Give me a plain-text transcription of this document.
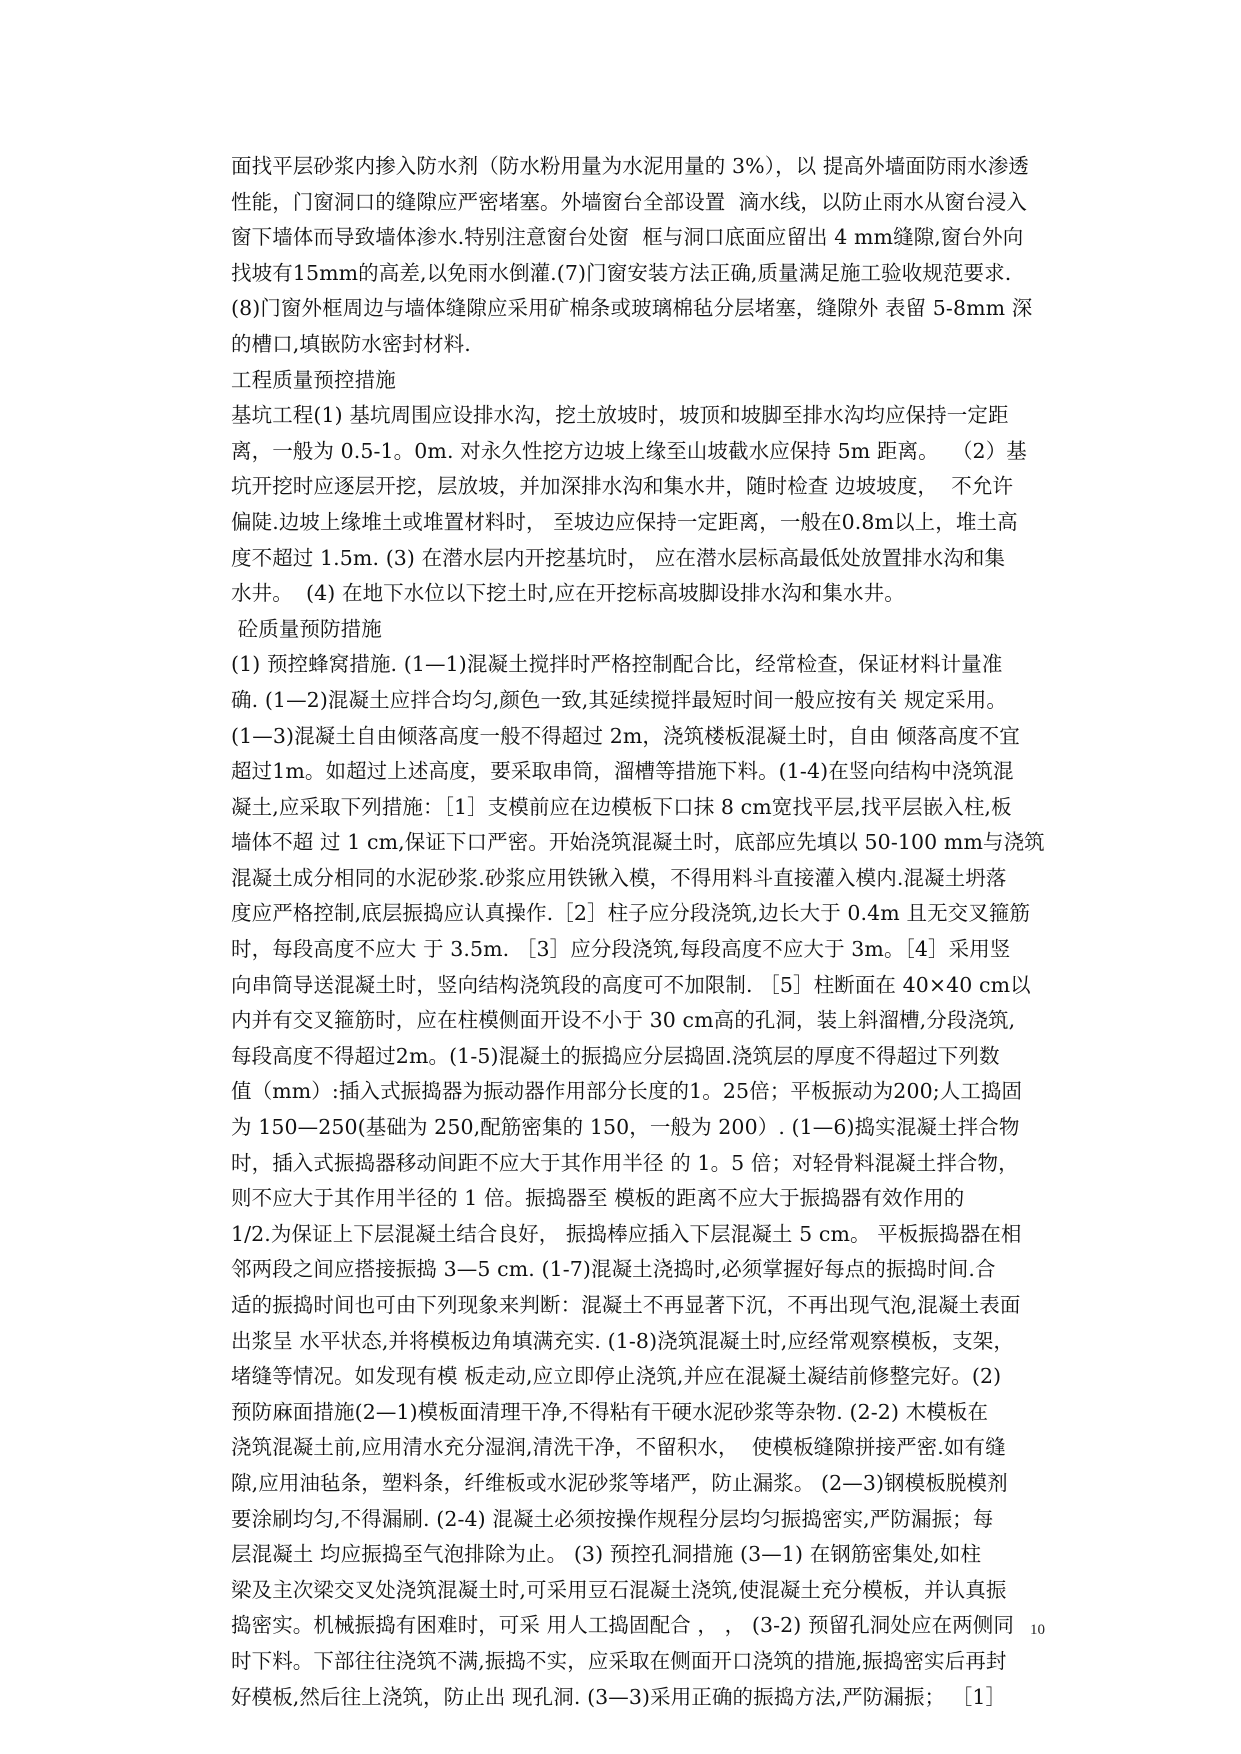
面找平层砂浆内掺入防水剂（防水粉用量为水泥用量的 3%），以 提高外墙面防雨水渗透
性能，门窗洞口的缝隙应严密堵塞。外墙窗台全部设置  滴水线，以防止雨水从窗台浸入
窗下墙体而导致墙体渗水.特别注意窗台处窗  框与洞口底面应留出 4 mm缝隙,窗台外向
找坡有15mm的高差,以免雨水倒灌.(7)门窗安装方法正确,质量满足施工验收规范要求.
(8)门窗外框周边与墙体缝隙应采用矿棉条或玻璃棉毡分层堵塞，缝隙外 表留 5-8mm 深
的槽口,填嵌防水密封材料.
工程质量预控措施
基坑工程(1) 基坑周围应设排水沟，挖土放坡时，坡顶和坡脚至排水沟均应保持一定距
离，一般为 0.5-1。0m. 对永久性挖方边坡上缘至山坡截水应保持 5m 距离。  （2）基
坑开挖时应逐层开挖，层放坡，并加深排水沟和集水井，随时检查 边坡坡度，  不允许
偏陡.边坡上缘堆土或堆置材料时， 至坡边应保持一定距离，一般在0.8m以上，堆土高
度不超过 1.5m. (3) 在潜水层内开挖基坑时， 应在潜水层标高最低处放置排水沟和集
水井。  (4) 在地下水位以下挖土时,应在开挖标高坡脚设排水沟和集水井。
砼质量预防措施
(1) 预控蜂窝措施. (1—1)混凝土搅拌时严格控制配合比，经常检查，保证材料计量准
确. (1—2)混凝土应拌合均匀,颜色一致,其延续搅拌最短时间一般应按有关 规定采用。
(1—3)混凝土自由倾落高度一般不得超过 2m，浇筑楼板混凝土时，自由 倾落高度不宜
超过1m。如超过上述高度，要采取串筒，溜槽等措施下料。(1-4)在竖向结构中浇筑混
凝土,应采取下列措施：［1］支模前应在边模板下口抹 8 cm宽找平层,找平层嵌入柱,板
墙体不超 过 1 cm,保证下口严密。开始浇筑混凝土时，底部应先填以 50-100 mm与浇筑
混凝土成分相同的水泥砂浆.砂浆应用铁锹入模，不得用料斗直接灌入模内.混凝土坍落
度应严格控制,底层振捣应认真操作.［2］柱子应分段浇筑,边长大于 0.4m 且无交叉箍筋
时，每段高度不应大 于 3.5m. ［3］应分段浇筑,每段高度不应大于 3m。［4］采用竖
向串筒导送混凝土时，竖向结构浇筑段的高度可不加限制. ［5］柱断面在 40×40 cm以
内并有交叉箍筋时，应在柱模侧面开设不小于 30 cm高的孔洞，装上斜溜槽,分段浇筑,
每段高度不得超过2m。(1-5)混凝土的振捣应分层捣固.浇筑层的厚度不得超过下列数
值（mm）:插入式振捣器为振动器作用部分长度的1。25倍；平板振动为200;人工捣固
为 150—250(基础为 250,配筋密集的 150，一般为 200）. (1—6)捣实混凝土拌合物
时，插入式振捣器移动间距不应大于其作用半径 的 1。5 倍；对轻骨料混凝土拌合物，
则不应大于其作用半径的 1 倍。振捣器至 模板的距离不应大于振捣器有效作用的
1/2.为保证上下层混凝土结合良好， 振捣棒应插入下层混凝土 5 cm。 平板振捣器在相
邻两段之间应搭接振捣 3—5 cm. (1-7)混凝土浇捣时,必须掌握好每点的振捣时间.合
适的振捣时间也可由下列现象来判断：混凝土不再显著下沉，不再出现气泡,混凝土表面
出浆呈 水平状态,并将模板边角填满充实. (1-8)浇筑混凝土时,应经常观察模板，支架，
堵缝等情况。如发现有模 板走动,应立即停止浇筑,并应在混凝土凝结前修整完好。(2)
预防麻面措施(2—1)模板面清理干净,不得粘有干硬水泥砂浆等杂物. (2-2) 木模板在
浇筑混凝土前,应用清水充分湿润,清洗干净，不留积水，  使模板缝隙拼接严密.如有缝
隙,应用油毡条，塑料条，纤维板或水泥砂浆等堵严，防止漏浆。 (2—3)钢模板脱模剂
要涂刷均匀,不得漏刷. (2-4) 混凝土必须按操作规程分层均匀振捣密实,严防漏振；每
层混凝土 均应振捣至气泡排除为止。 (3) 预控孔洞措施 (3—1) 在钢筋密集处,如柱
梁及主次梁交叉处浇筑混凝土时,可采用豆石混凝土浇筑,使混凝土充分模板，并认真振
捣密实。机械振捣有困难时，可采 用人工捣固配合 ， ， (3-2) 预留孔洞处应在两侧同
时下料。下部往往浇筑不满,振捣不实，应采取在侧面开口浇筑的措施,振捣密实后再封
好模板,然后往上浇筑，防止出 现孔洞. (3—3)采用正确的振捣方法,严防漏振； ［1］
10
